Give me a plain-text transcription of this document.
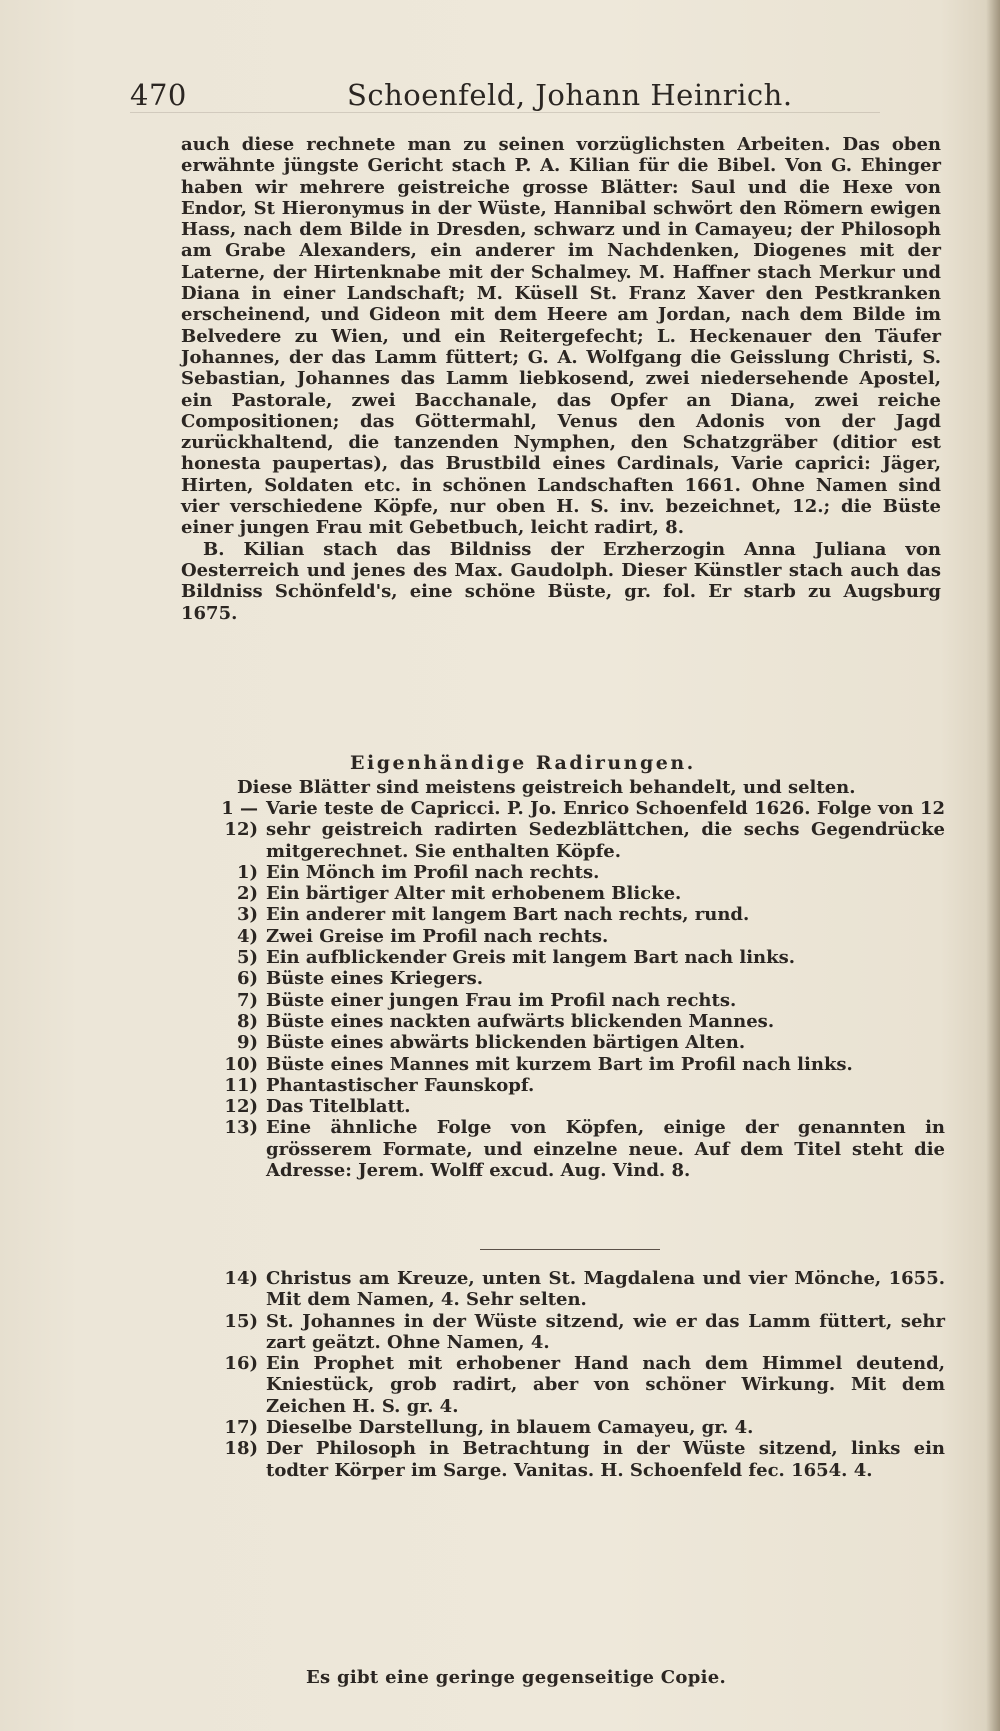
470	Schoenfeld, Johann Heinrich.

auch diese rechnete man zu seinen vorzüglichsten Arbeiten. Das oben erwähnte jüngste Gericht stach P. A. Kilian für die Bibel. Von G. Ehinger haben wir mehrere geistreiche grosse Blätter: Saul und die Hexe von Endor, St Hieronymus in der Wüste, Hannibal schwört den Römern ewigen Hass, nach dem Bilde in Dresden, schwarz und in Camayeu; der Philosoph am Grabe Alexanders, ein anderer im Nachdenken, Diogenes mit der Laterne, der Hirtenknabe mit der Schalmey. M. Haffner stach Merkur und Diana in einer Landschaft; M. Küsell St. Franz Xaver den Pestkranken erscheinend, und Gideon mit dem Heere am Jordan, nach dem Bilde im Belvedere zu Wien, und ein Reitergefecht; L. Heckenauer den Täufer Johannes, der das Lamm füttert; G. A. Wolfgang die Geisslung Christi, S. Sebastian, Johannes das Lamm liebkosend, zwei niedersehende Apostel, ein Pastorale, zwei Bacchanale, das Opfer an Diana, zwei reiche Compositionen; das Göttermahl, Venus den Adonis von der Jagd zurückhaltend, die tanzenden Nymphen, den Schatzgräber (ditior est honesta paupertas), das Brustbild eines Cardinals, Varie caprici: Jäger, Hirten, Soldaten etc. in schönen Landschaften 1661. Ohne Namen sind vier verschiedene Köpfe, nur oben H. S. inv. bezeichnet, 12.; die Büste einer jungen Frau mit Gebetbuch, leicht radirt, 8.

B. Kilian stach das Bildniss der Erzherzogin Anna Juliana von Oesterreich und jenes des Max. Gaudolph. Dieser Künstler stach auch das Bildniss Schönfeld's, eine schöne Büste, gr. fol. Er starb zu Augsburg 1675.

Eigenhändige Radirungen.
Diese Blätter sind meistens geistreich behandelt, und selten.
1 — 12)
Varie teste de Capricci. P. Jo. Enrico Schoenfeld 1626. Folge von 12 sehr geistreich radirten Sedezblättchen, die sechs Gegendrücke mitgerechnet. Sie enthalten Köpfe.
1) Ein Mönch im Profil nach rechts.
2) Ein bärtiger Alter mit erhobenem Blicke.
3) Ein anderer mit langem Bart nach rechts, rund.
4) Zwei Greise im Profil nach rechts.
5) Ein aufblickender Greis mit langem Bart nach links.
6) Büste eines Kriegers.
7) Büste einer jungen Frau im Profil nach rechts.
8) Büste eines nackten aufwärts blickenden Mannes.
9) Büste eines abwärts blickenden bärtigen Alten.
10) Büste eines Mannes mit kurzem Bart im Profil nach links.
11) Phantastischer Faunskopf.
12) Das Titelblatt.
13) Eine ähnliche Folge von Köpfen, einige der genannten in grösserem Formate, und einzelne neue. Auf dem Titel steht die Adresse: Jerem. Wolff excud. Aug. Vind. 8.
14) Christus am Kreuze, unten St. Magdalena und vier Mönche, 1655. Mit dem Namen, 4. Sehr selten.
15) St. Johannes in der Wüste sitzend, wie er das Lamm füttert, sehr zart geätzt. Ohne Namen, 4.
16) Ein Prophet mit erhobener Hand nach dem Himmel deutend, Kniestück, grob radirt, aber von schöner Wirkung. Mit dem Zeichen H. S. gr. 4.
17) Dieselbe Darstellung, in blauem Camayeu, gr. 4.
18) Der Philosoph in Betrachtung in der Wüste sitzend, links ein todter Körper im Sarge. Vanitas. H. Schoenfeld fec. 1654. 4.
Es gibt eine geringe gegenseitige Copie.
